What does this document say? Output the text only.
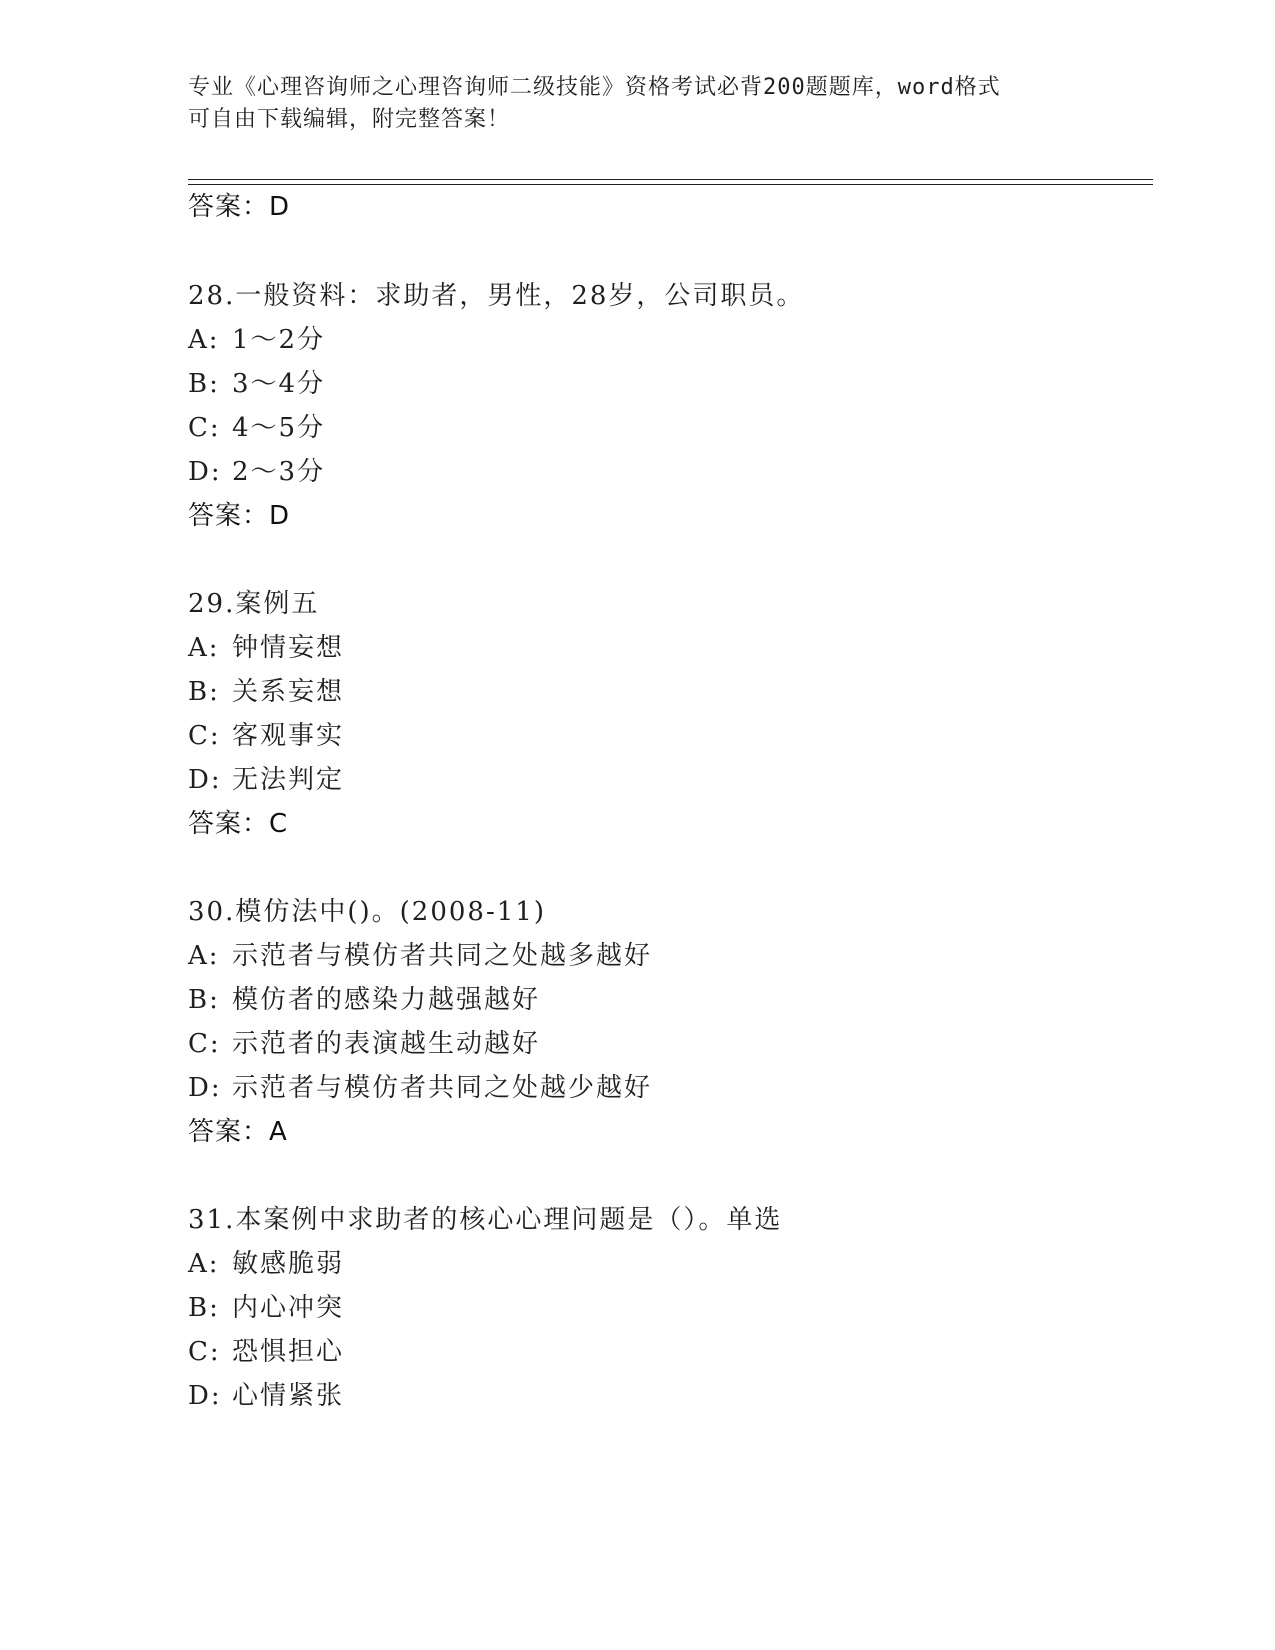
专业《心理咨询师之心理咨询师二级技能》资格考试必背200题题库，word格式
可自由下载编辑，附完整答案！
答案：D
28.一般资料：求助者，男性，28岁，公司职员。
A: 1～2分
B: 3～4分
C: 4～5分
D: 2～3分
答案：D
29.案例五
A: 钟情妄想
B: 关系妄想
C: 客观事实
D: 无法判定
答案：C
30.模仿法中()。(2008-11)
A: 示范者与模仿者共同之处越多越好
B: 模仿者的感染力越强越好
C: 示范者的表演越生动越好
D: 示范者与模仿者共同之处越少越好
答案：A
31.本案例中求助者的核心心理问题是（）。单选
A: 敏感脆弱
B: 内心冲突
C: 恐惧担心
D: 心情紧张
